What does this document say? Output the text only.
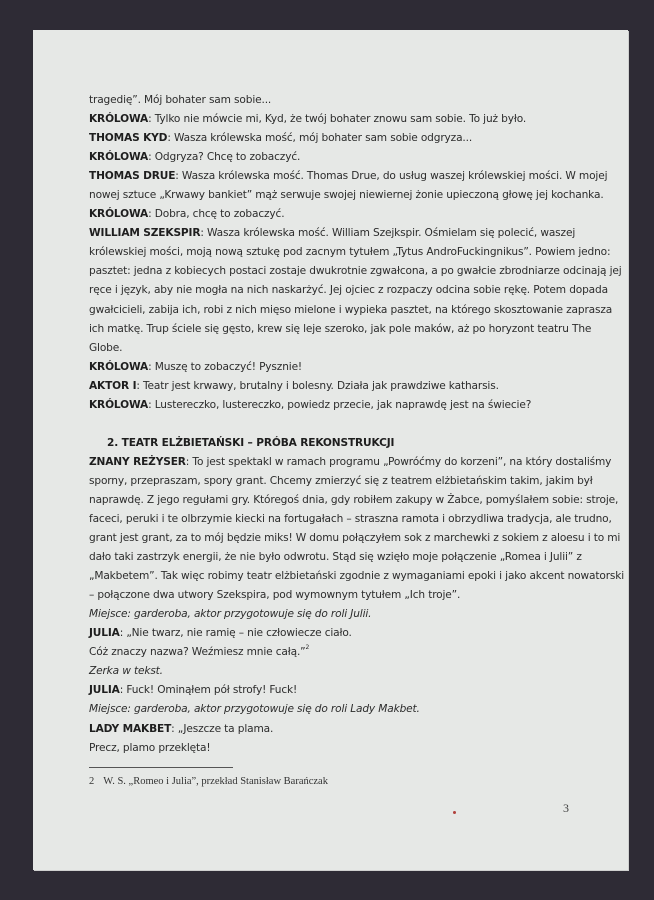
tragedię”. Mój bohater sam sobie...
KRÓLOWA: Tylko nie mówcie mi, Kyd, że twój bohater znowu sam sobie. To już było.
THOMAS KYD: Wasza królewska mość, mój bohater sam sobie odgryza...
KRÓLOWA: Odgryza? Chcę to zobaczyć.
THOMAS DRUE: Wasza królewska mość. Thomas Drue, do usług waszej królewskiej mości. W mojej
nowej sztuce „Krwawy bankiet” mąż serwuje swojej niewiernej żonie upieczoną głowę jej kochanka.
KRÓLOWA: Dobra, chcę to zobaczyć.
WILLIAM SZEKSPIR: Wasza królewska mość. William Szejkspir. Ośmielam się polecić, waszej
królewskiej mości, moją nową sztukę pod zacnym tytułem „Tytus AndroFuckingnikus”. Powiem jedno:
pasztet: jedna z kobiecych postaci zostaje dwukrotnie zgwałcona, a po gwałcie zbrodniarze odcinają jej
ręce i język, aby nie mogła na nich naskarżyć. Jej ojciec z rozpaczy odcina sobie rękę. Potem dopada
gwałcicieli, zabija ich, robi z nich mięso mielone i wypieka pasztet, na którego skosztowanie zaprasza
ich matkę. Trup ściele się gęsto, krew się leje szeroko, jak pole maków, aż po horyzont teatru The
Globe.
KRÓLOWA: Muszę to zobaczyć! Pysznie!
AKTOR I: Teatr jest krwawy, brutalny i bolesny. Działa jak prawdziwe katharsis.
KRÓLOWA: Lustereczko, lustereczko, powiedz przecie, jak naprawdę jest na świecie?
2. TEATR ELŻBIETAŃSKI – PRÓBA REKONSTRUKCJI
ZNANY REŻYSER: To jest spektakl w ramach programu „Powróćmy do korzeni”, na który dostaliśmy
sporny, przepraszam, spory grant. Chcemy zmierzyć się z teatrem elżbietańskim takim, jakim był
naprawdę. Z jego regułami gry. Któregoś dnia, gdy robiłem zakupy w Żabce, pomyślałem sobie: stroje,
faceci, peruki i te olbrzymie kiecki na fortugałach – straszna ramota i obrzydliwa tradycja, ale trudno,
grant jest grant, za to mój będzie miks! W domu połączyłem sok z marchewki z sokiem z aloesu i to mi
dało taki zastrzyk energii, że nie było odwrotu. Stąd się wzięło moje połączenie „Romea i Julii” z
„Makbetem”. Tak więc robimy teatr elżbietański zgodnie z wymaganiami epoki i jako akcent nowatorski
– połączone dwa utwory Szekspira, pod wymownym tytułem „Ich troje”.
Miejsce: garderoba, aktor przygotowuje się do roli Julii.
JULIA: „Nie twarz, nie ramię – nie człowiecze ciało.
Cóż znaczy nazwa? Weźmiesz mnie całą.”$^2$
Zerka w tekst.
JULIA: Fuck! Ominąłem pół strofy! Fuck!
Miejsce: garderoba, aktor przygotowuje się do roli Lady Makbet.
LADY MAKBET: „Jeszcze ta plama.
Precz, plamo przeklęta!
2 W. S. „Romeo i Julia”, przekład Stanisław Barańczak
3
